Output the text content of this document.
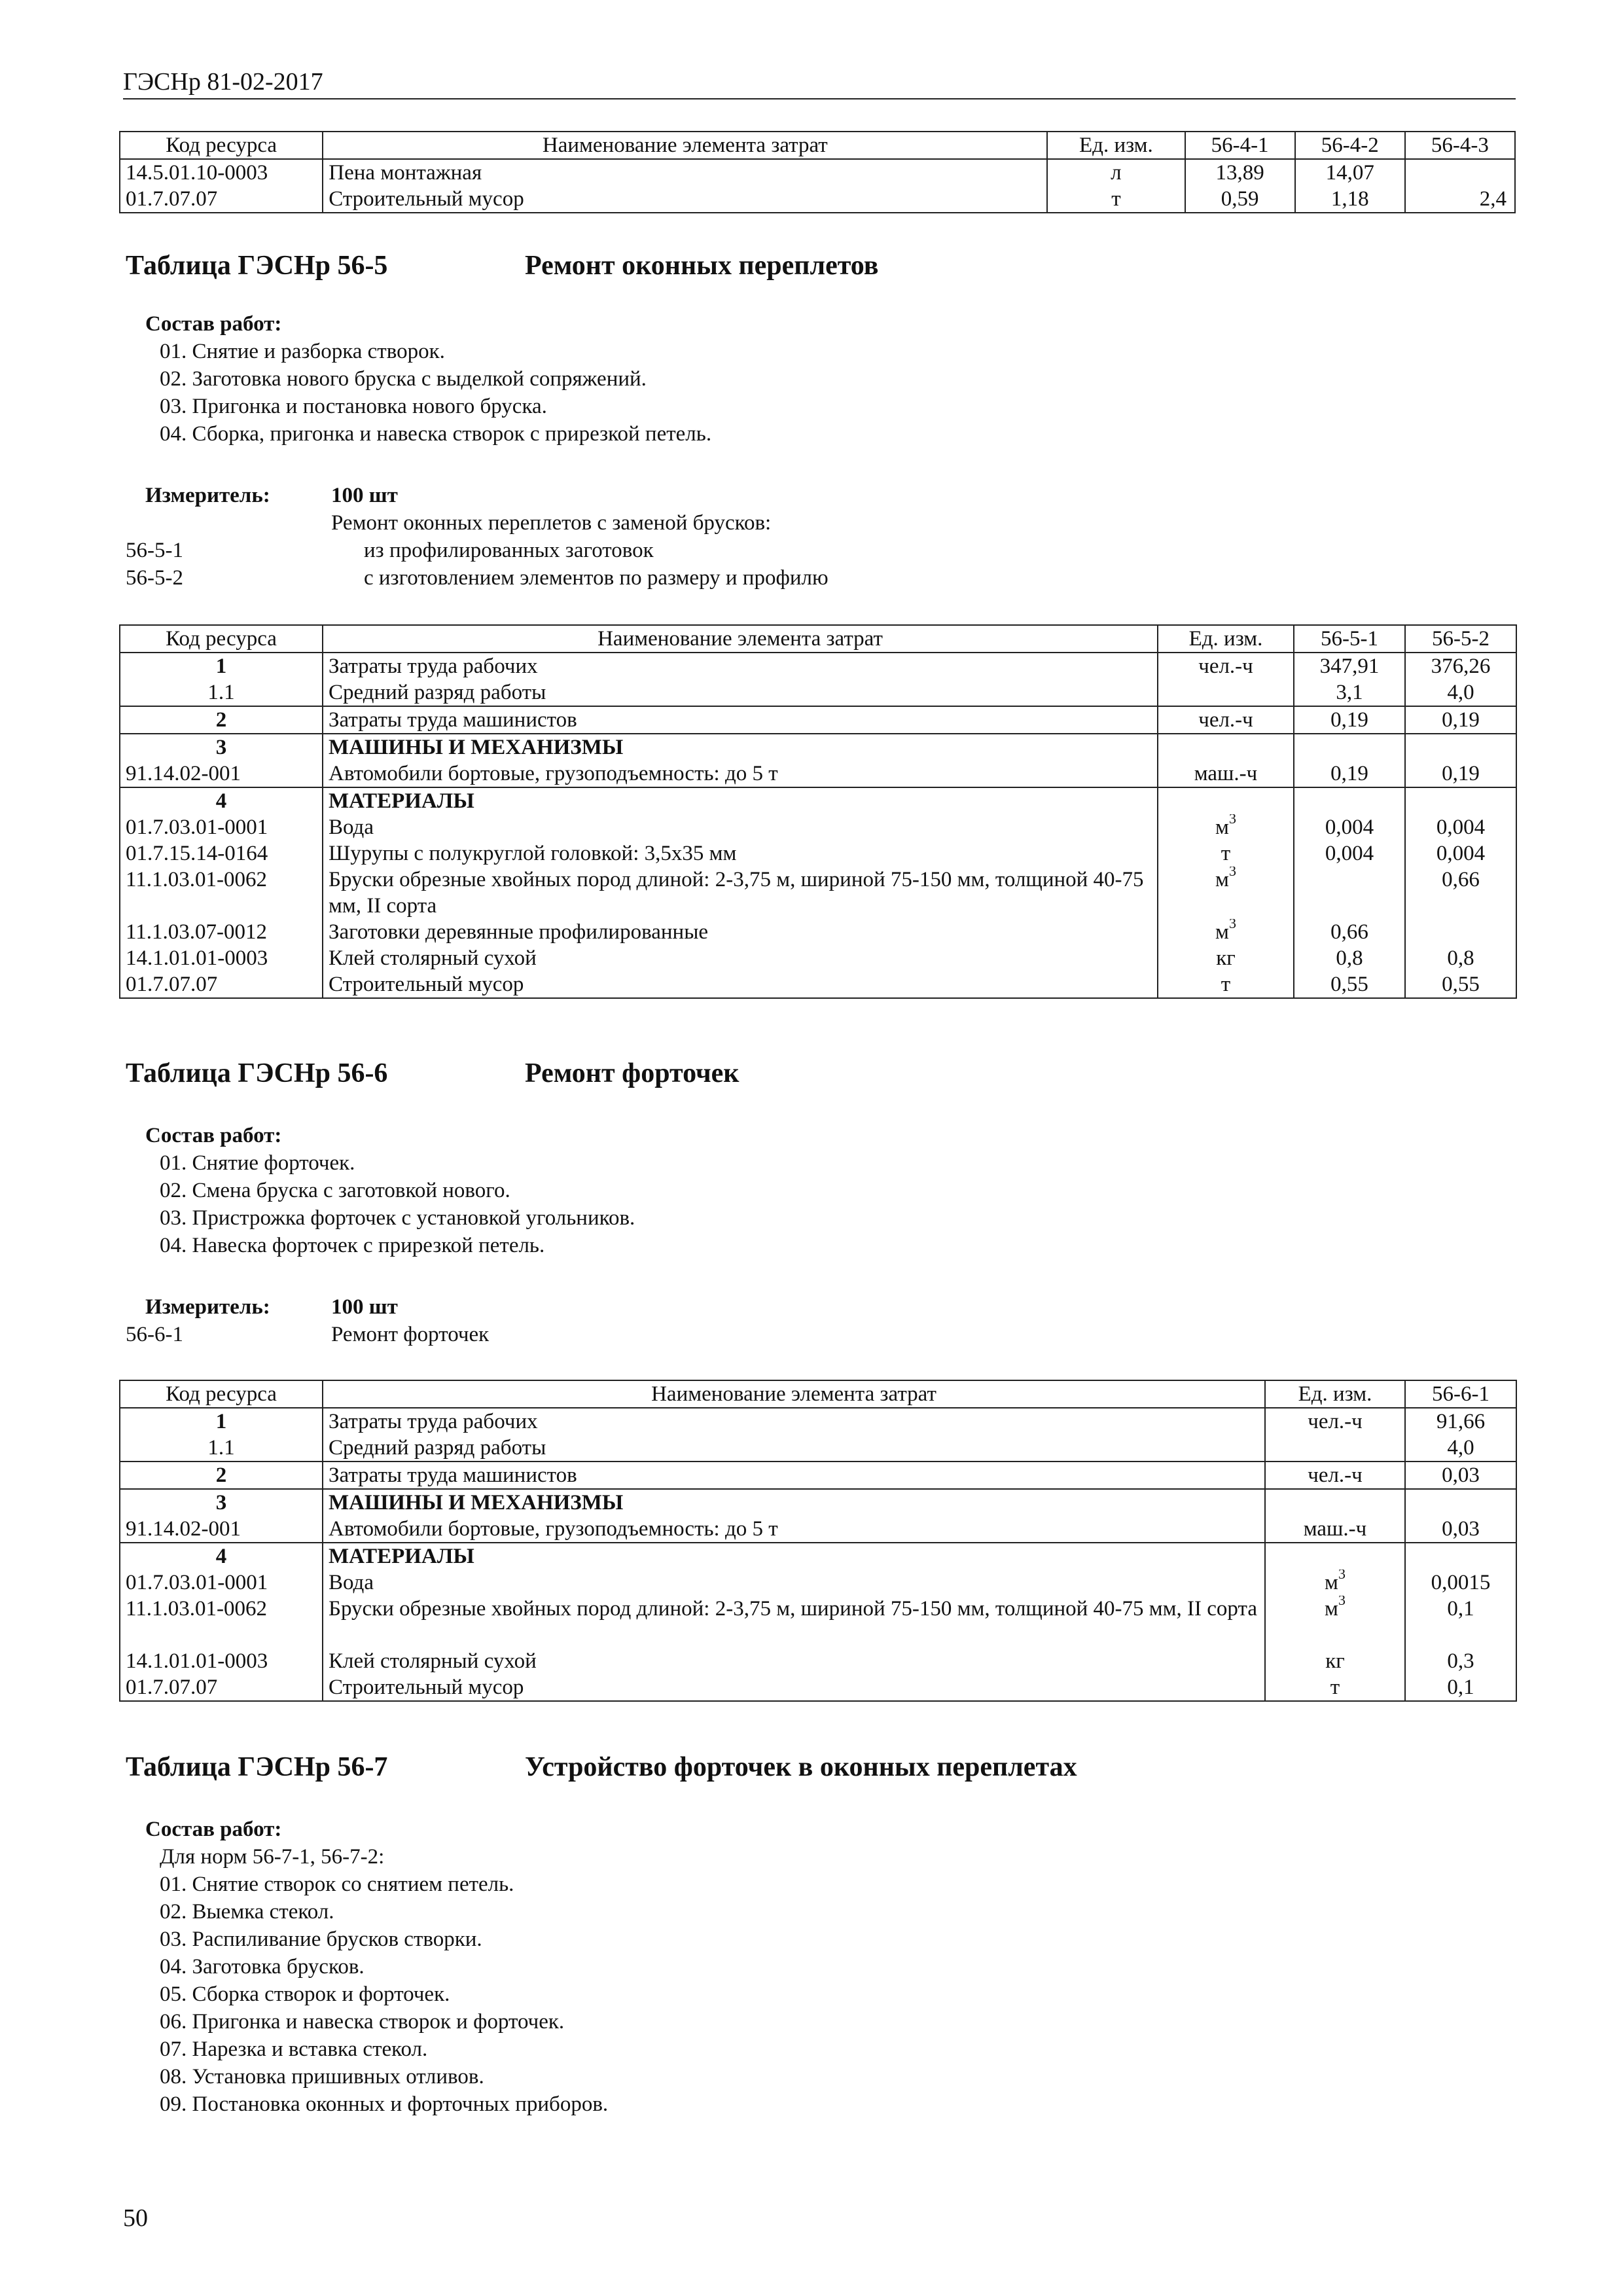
ГЭСНр 81-02-2017
Код ресурса	Наименование элемента затрат	Ед. изм.	56-4-1	56-4-2	56-4-3
14.5.01.10-0003	Пена монтажная	л	13,89	14,07	
01.7.07.07	Строительный мусор	т	0,59	1,18	2,4
Таблица ГЭСНр 56-5	Ремонт оконных переплетов
Состав работ:
01. Снятие и разборка створок.
02. Заготовка нового бруска с выделкой сопряжений.
03. Пригонка и постановка нового бруска.
04. Сборка, пригонка и навеска створок с прирезкой петель.
Измеритель:	100 шт
Ремонт оконных переплетов с заменой брусков:
56-5-1	из профилированных заготовок
56-5-2	с изготовлением элементов по размеру и профилю
Код ресурса	Наименование элемента затрат	Ед. изм.	56-5-1	56-5-2
1	Затраты труда рабочих	чел.-ч	347,91	376,26
1.1	Средний разряд работы		3,1	4,0
2	Затраты труда машинистов	чел.-ч	0,19	0,19
3	МАШИНЫ И МЕХАНИЗМЫ			
91.14.02-001	Автомобили бортовые, грузоподъемность: до 5 т	маш.-ч	0,19	0,19
4	МАТЕРИАЛЫ			
01.7.03.01-0001	Вода	$м^3$	0,004	0,004
01.7.15.14-0164	Шурупы с полукруглой головкой: 3,5x35 мм	т	0,004	0,004
11.1.03.01-0062	Бруски обрезные хвойных пород длиной: 2-3,75 м, шириной 75-150 мм, толщиной 40-75 мм, II сорта	$м^3$		0,66
11.1.03.07-0012	Заготовки деревянные профилированные	$м^3$	0,66	
14.1.01.01-0003	Клей столярный сухой	кг	0,8	0,8
01.7.07.07	Строительный мусор	т	0,55	0,55
Таблица ГЭСНр 56-6	Ремонт форточек
Состав работ:
01. Снятие форточек.
02. Смена бруска с заготовкой нового.
03. Пристрожка форточек с установкой угольников.
04. Навеска форточек с прирезкой петель.
Измеритель:	100 шт
56-6-1	Ремонт форточек
Код ресурса	Наименование элемента затрат	Ед. изм.	56-6-1
1	Затраты труда рабочих	чел.-ч	91,66
1.1	Средний разряд работы		4,0
2	Затраты труда машинистов	чел.-ч	0,03
3	МАШИНЫ И МЕХАНИЗМЫ		
91.14.02-001	Автомобили бортовые, грузоподъемность: до 5 т	маш.-ч	0,03
4	МАТЕРИАЛЫ		
01.7.03.01-0001	Вода	$м^3$	0,0015
11.1.03.01-0062	Бруски обрезные хвойных пород длиной: 2-3,75 м, шириной 75-150 мм, толщиной 40-75 мм, II сорта	$м^3$	0,1
14.1.01.01-0003	Клей столярный сухой	кг	0,3
01.7.07.07	Строительный мусор	т	0,1
Таблица ГЭСНр 56-7	Устройство форточек в оконных переплетах
Состав работ:
Для норм 56-7-1, 56-7-2:
01. Снятие створок со снятием петель.
02. Выемка стекол.
03. Распиливание брусков створки.
04. Заготовка брусков.
05. Сборка створок и форточек.
06. Пригонка и навеска створок и форточек.
07. Нарезка и вставка стекол.
08. Установка пришивных отливов.
09. Постановка оконных и форточных приборов.
50
